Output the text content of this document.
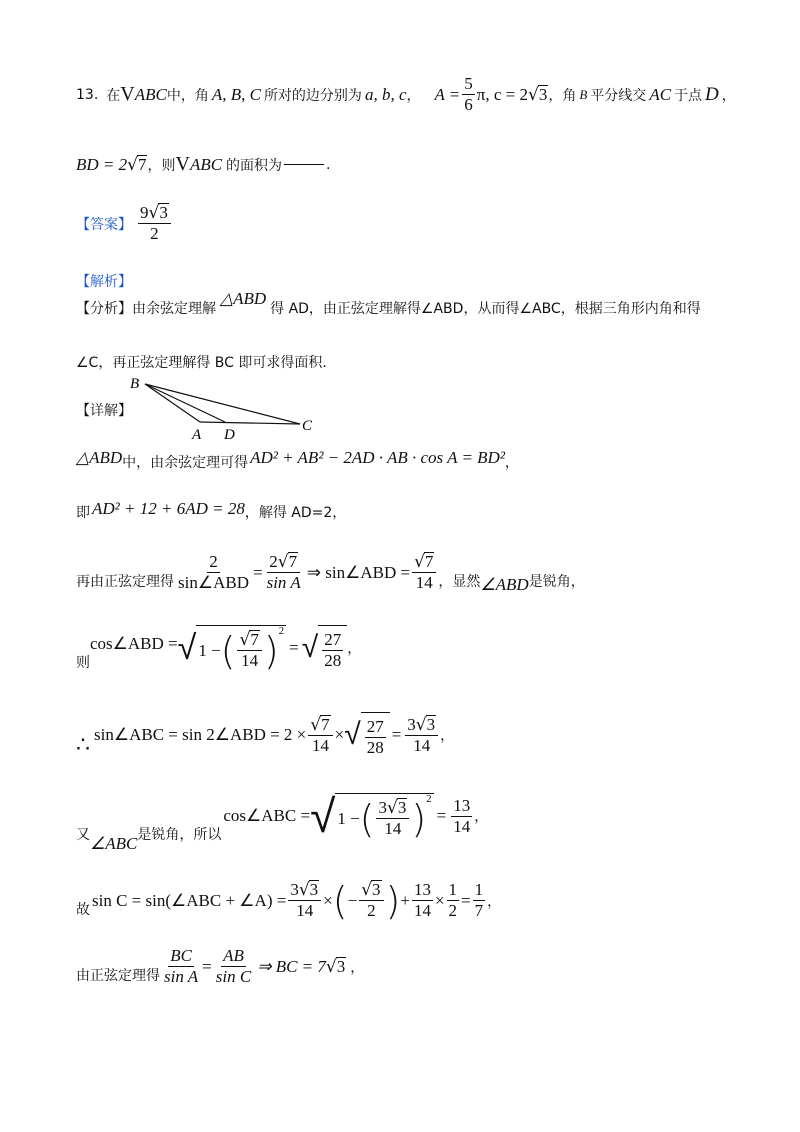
13. 在 V ABC 中，角 A, B, C 所对的边分别为 a, b, c ， $A = \frac{5}{6} \pi$, c = 2 √ 3 ，角 B 平分线交 AC 于点 D ，
BD = 2 √ 7 ，则 V ABC 的面积为	.
【答案】 $\frac{9√3}{2}$
【解析】
【分析】 由余弦定理解
△ABD
得 AD，由正弦定理解得∠ABD，从而得∠ABC，根据三角形内角和得
∠C，再正弦定理解得 BC 即可求得面积.
【详解】
B
A D
C
△ABD 中，由余弦定理可得 AD² + AB² − 2AD · AB · cos A = BD² ，
即 AD² + 12 + 6AD = 28 ，解得 AD=2，
再由正弦定理得 $\frac{2}{\text{sin∠ABD}} = \frac{2√7}{\text{sin A}}$ ⇒ sin∠ABD = $\frac{√7}{14}$ ，显然 ∠ABD 是锐角，
则
cos∠ABD = √ 1 − ( $\frac{√7}{14} )^2$
= √ $\frac{27}{28}$ ，
∴ sin∠ABC = sin 2∠ABD = $2 \times \frac{√7}{14}$ × √ $\frac{27}{28} = \frac{3√3}{14}$ ，
又 ∠ABC 是锐角，所以
cos∠ABC = √ 1 − ( $\frac{3√3}{14} )^2$
= $\frac{13}{14}$ ，
故 sin C = sin(∠ABC + ∠A) = $\frac{3√3}{14}$ × ( − $\frac{√3}{2}$ ) + $\frac{13}{14} \times \frac{1}{2} = \frac{1}{7}$ ，
由正弦定理得 $\frac{BC}{\text{sin A}} = \frac{AB}{\text{sin C}}$ ⇒ BC = 7 √ 3 ，
